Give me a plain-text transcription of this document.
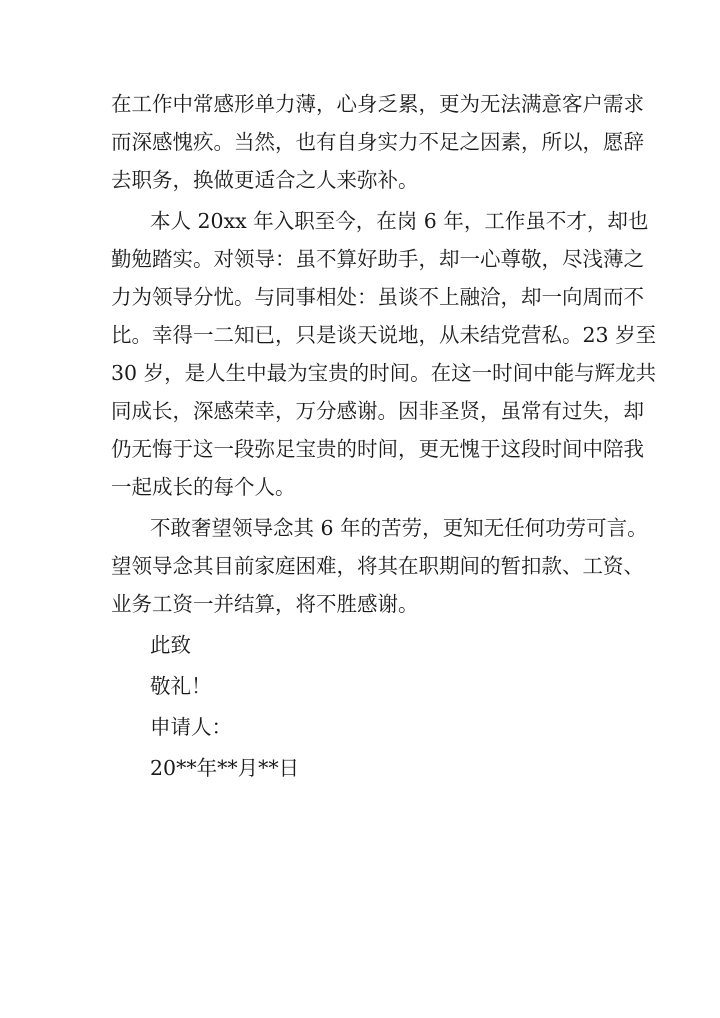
在工作中常感形单力薄，心身乏累，更为无法满意客户需求
而深感愧疚。当然，也有自身实力不足之因素，所以，愿辞
去职务，换做更适合之人来弥补。
本人 20xx 年入职至今，在岗 6 年，工作虽不才，却也
勤勉踏实。对领导：虽不算好助手，却一心尊敬，尽浅薄之
力为领导分忧。与同事相处：虽谈不上融洽，却一向周而不
比。幸得一二知已，只是谈天说地，从未结党营私。23 岁至
30 岁，是人生中最为宝贵的时间。在这一时间中能与辉龙共
同成长，深感荣幸，万分感谢。因非圣贤，虽常有过失，却
仍无悔于这一段弥足宝贵的时间，更无愧于这段时间中陪我
一起成长的每个人。
不敢奢望领导念其 6 年的苦劳，更知无任何功劳可言。
望领导念其目前家庭困难，将其在职期间的暂扣款、工资、
业务工资一并结算，将不胜感谢。
此致
敬礼！
申请人：
20**年**月**日
